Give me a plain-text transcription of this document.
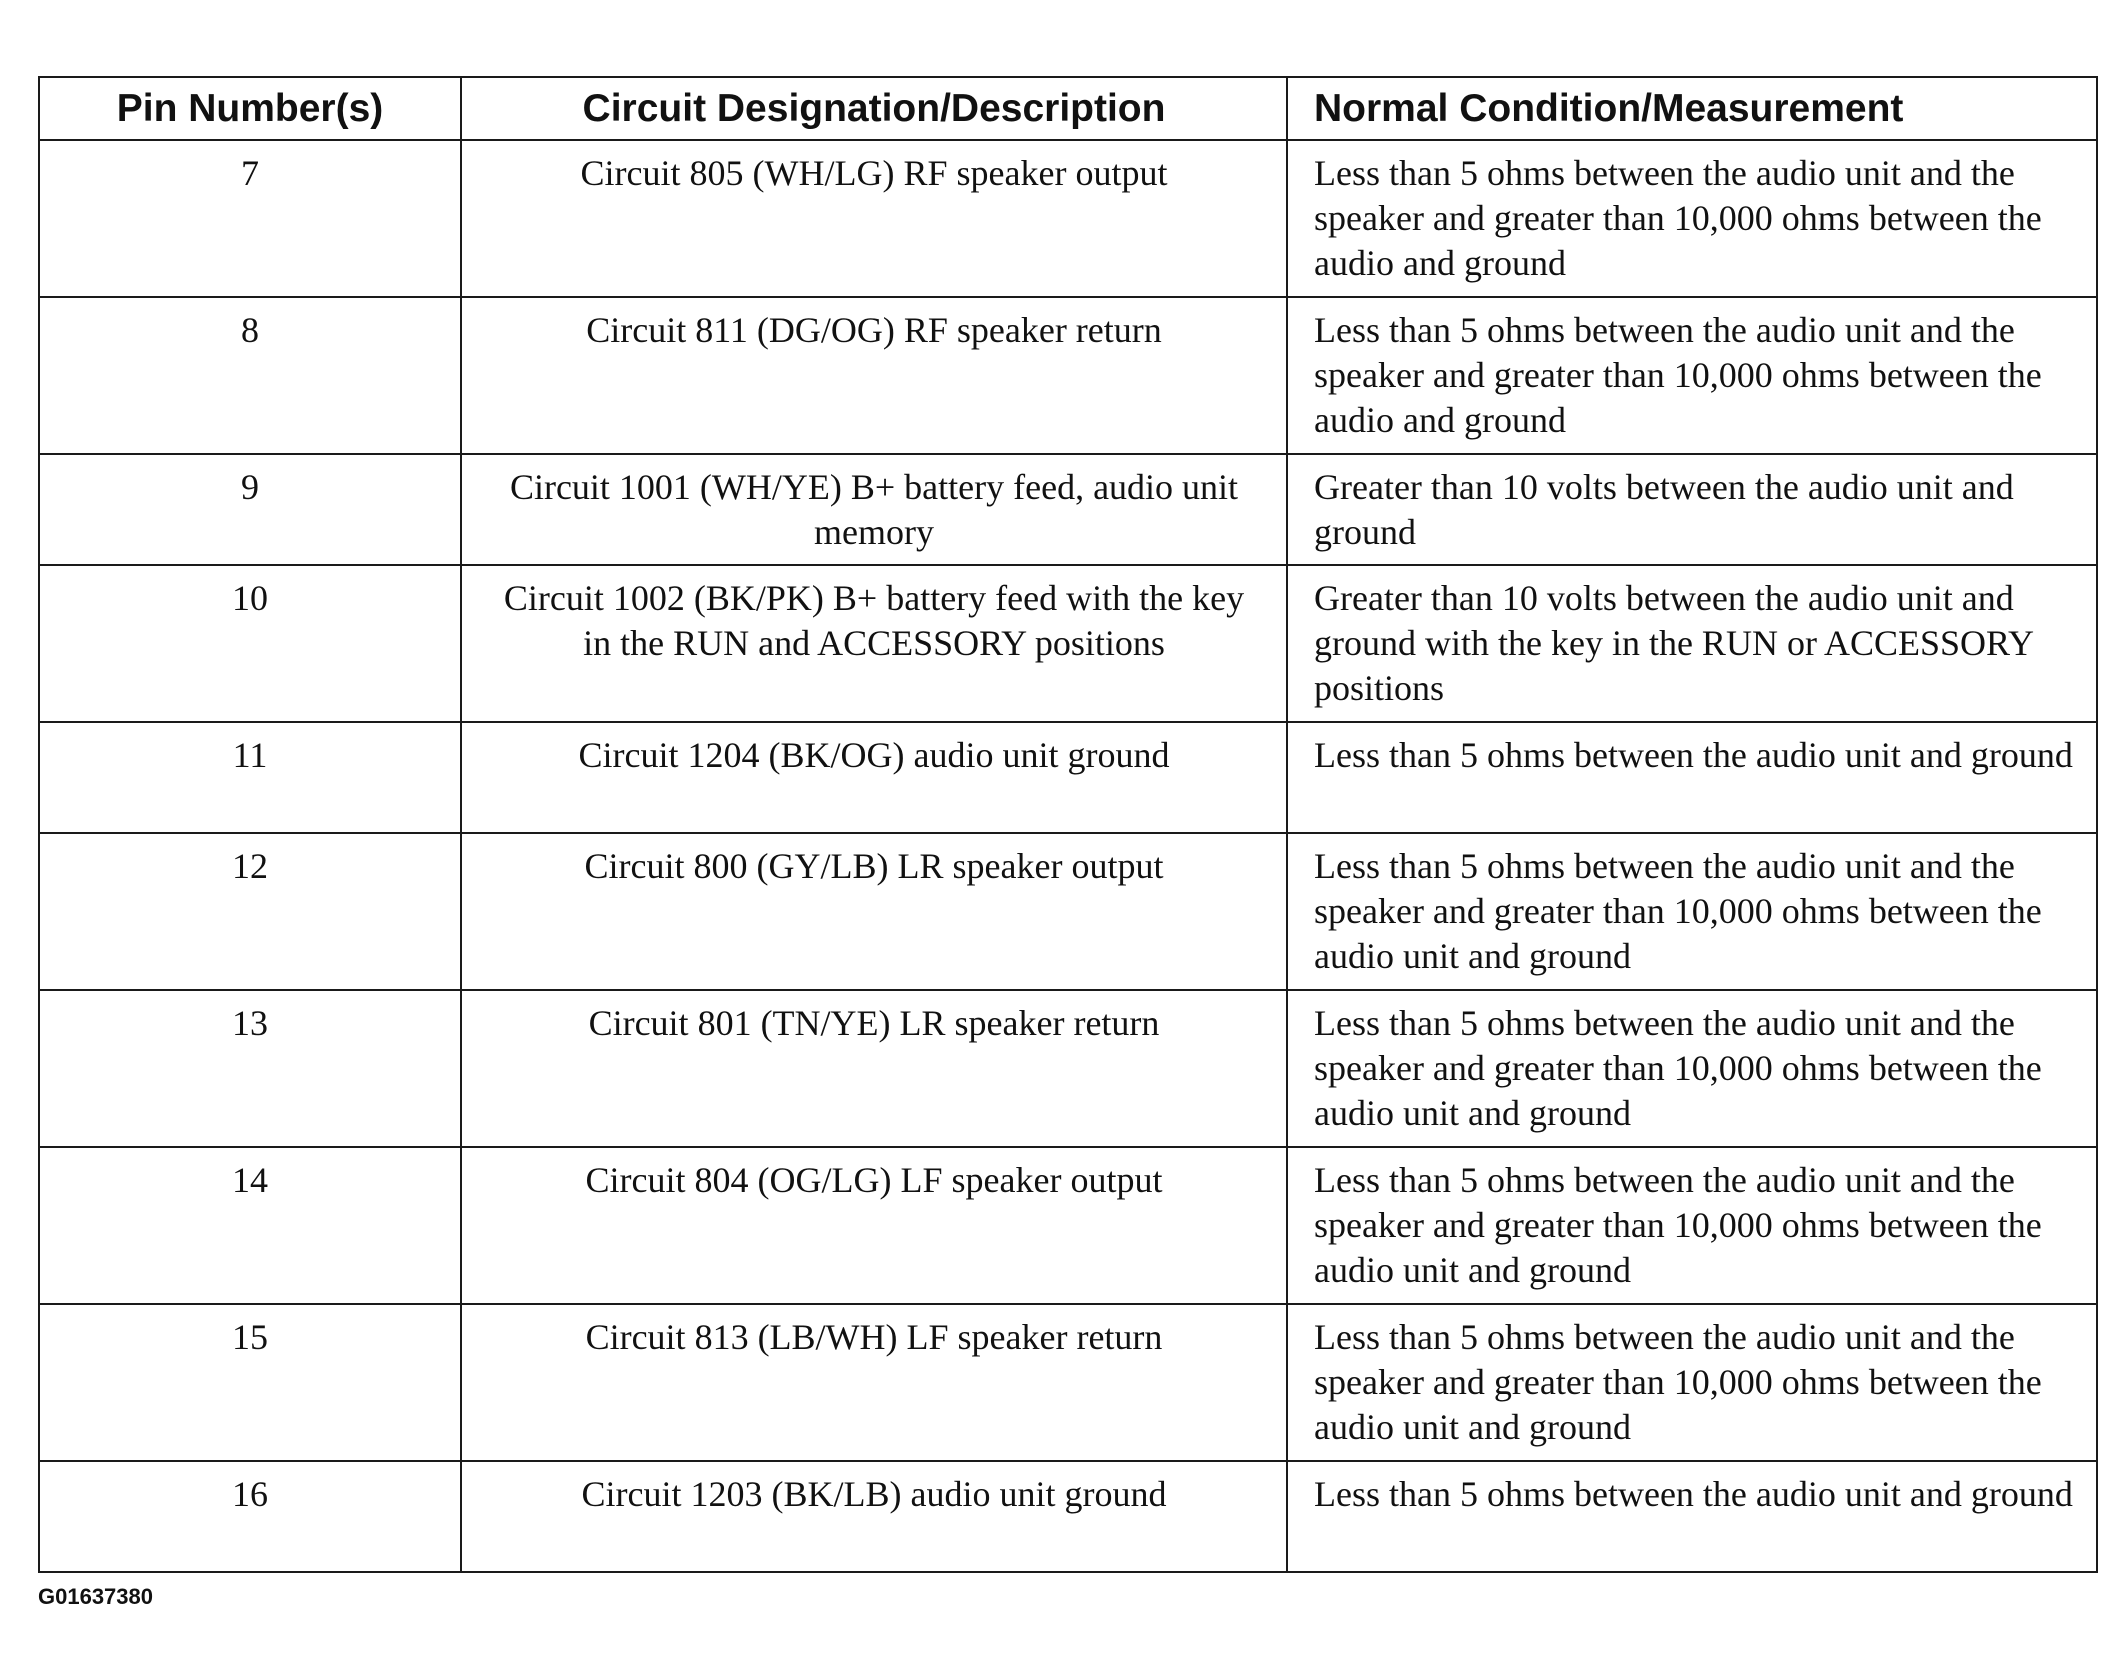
Pin Number(s)	Circuit Designation/Description	Normal Condition/Measurement
7	Circuit 805 (WH/LG) RF speaker output	Less than 5 ohms between the audio unit and the speaker and greater than 10,000 ohms between the audio and ground
8	Circuit 811 (DG/OG) RF speaker return	Less than 5 ohms between the audio unit and the speaker and greater than 10,000 ohms between the audio and ground
9	Circuit 1001 (WH/YE) B+ battery feed, audio unit memory	Greater than 10 volts between the audio unit and ground
10	Circuit 1002 (BK/PK) B+ battery feed with the key in the RUN and ACCESSORY positions	Greater than 10 volts between the audio unit and ground with the key in the RUN or ACCESSORY positions
11	Circuit 1204 (BK/OG) audio unit ground	Less than 5 ohms between the audio unit and ground
12	Circuit 800 (GY/LB) LR speaker output	Less than 5 ohms between the audio unit and the speaker and greater than 10,000 ohms between the audio unit and ground
13	Circuit 801 (TN/YE) LR speaker return	Less than 5 ohms between the audio unit and the speaker and greater than 10,000 ohms between the audio unit and ground
14	Circuit 804 (OG/LG) LF speaker output	Less than 5 ohms between the audio unit and the speaker and greater than 10,000 ohms between the audio unit and ground
15	Circuit 813 (LB/WH) LF speaker return	Less than 5 ohms between the audio unit and the speaker and greater than 10,000 ohms between the audio unit and ground
16	Circuit 1203 (BK/LB) audio unit ground	Less than 5 ohms between the audio unit and ground
G01637380
